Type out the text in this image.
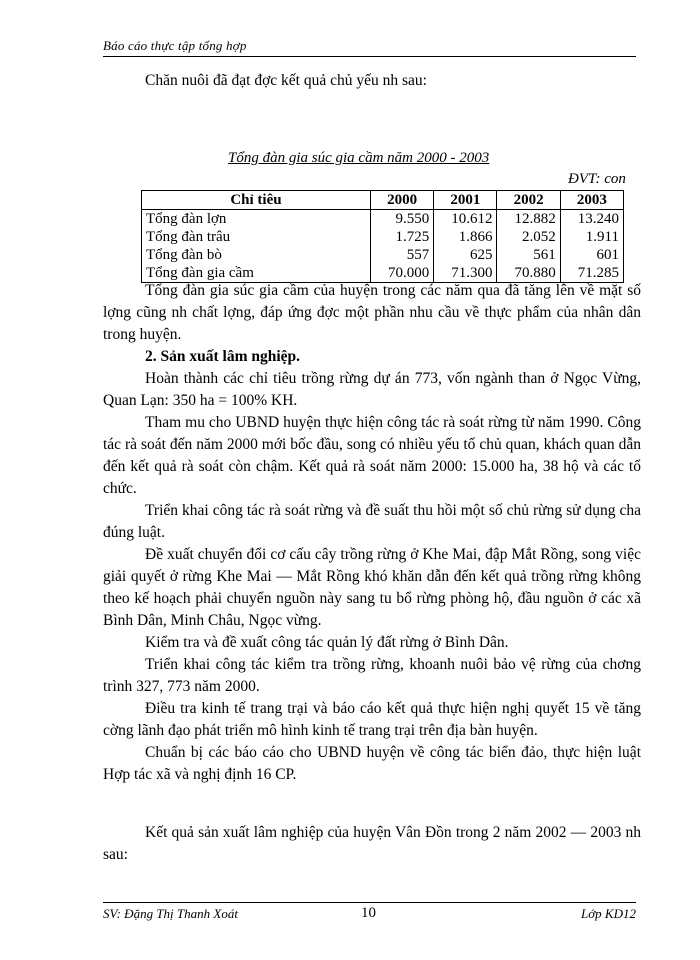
Báo cáo thực tập tổng hợp

Chăn nuôi đã đạt đợc kết quả chủ yếu nh sau:

Tổng đàn gia súc gia cầm năm 2000 - 2003
ĐVT: con
Chỉ tiêu	2000	2001	2002	2003
Tổng đàn lợn	9.550	10.612	12.882	13.240
Tổng đàn trâu	1.725	1.866	2.052	1.911
Tổng đàn bò	557	625	561	601
Tổng đàn gia cầm	70.000	71.300	70.880	71.285

Tổng đàn gia súc gia cầm của huyện trong các năm qua đã tăng lên về mặt số lợng cũng nh chất lợng, đáp ứng đợc một phần nhu cầu về thực phẩm của nhân dân trong huyện.

2. Sản xuất lâm nghiệp.

Hoàn thành các chỉ tiêu trồng rừng dự án 773, vốn ngành than ở Ngọc Vừng, Quan Lạn: 350 ha = 100% KH.

Tham mu cho UBND huyện thực hiện công tác rà soát rừng từ năm 1990. Công tác rà soát đến năm 2000 mới bốc đầu, song có nhiều yếu tố chủ quan, khách quan dẫn đến kết quả rà soát còn chậm. Kết quả rà soát năm 2000: 15.000 ha, 38 hộ và các tổ chức.

Triển khai công tác rà soát rừng và đề suất thu hồi một số chủ rừng sử dụng cha đúng luật.

Đề xuất chuyển đổi cơ cấu cây trồng rừng ở Khe Mai, đập Mắt Rồng, song việc giải quyết ở rừng Khe Mai — Mắt Rồng khó khăn dẫn đến kết quả trồng rừng không theo kế hoạch phải chuyển nguồn này sang tu bổ rừng phòng hộ, đầu nguồn ở các xã Bình Dân, Minh Châu, Ngọc vừng.

Kiểm tra và đề xuất công tác quản lý đất rừng ở Bình Dân.

Triển khai công tác kiểm tra trồng rừng, khoanh nuôi bảo vệ rừng của chơng trình 327, 773 năm 2000.

Điều tra kinh tế trang trại và báo cáo kết quả thực hiện nghị quyết 15 về tăng cờng lãnh đạo phát triển mô hình kinh tế trang trại trên địa bàn huyện.

Chuẩn bị các báo cáo cho UBND huyện về công tác biển đảo, thực hiện luật Hợp tác xã và nghị định 16 CP.

Kết quả sản xuất lâm nghiệp của huyện Vân Đồn trong 2 năm 2002 — 2003 nh sau:

SV: Đặng Thị Thanh Xoát	10	Lớp KD12
